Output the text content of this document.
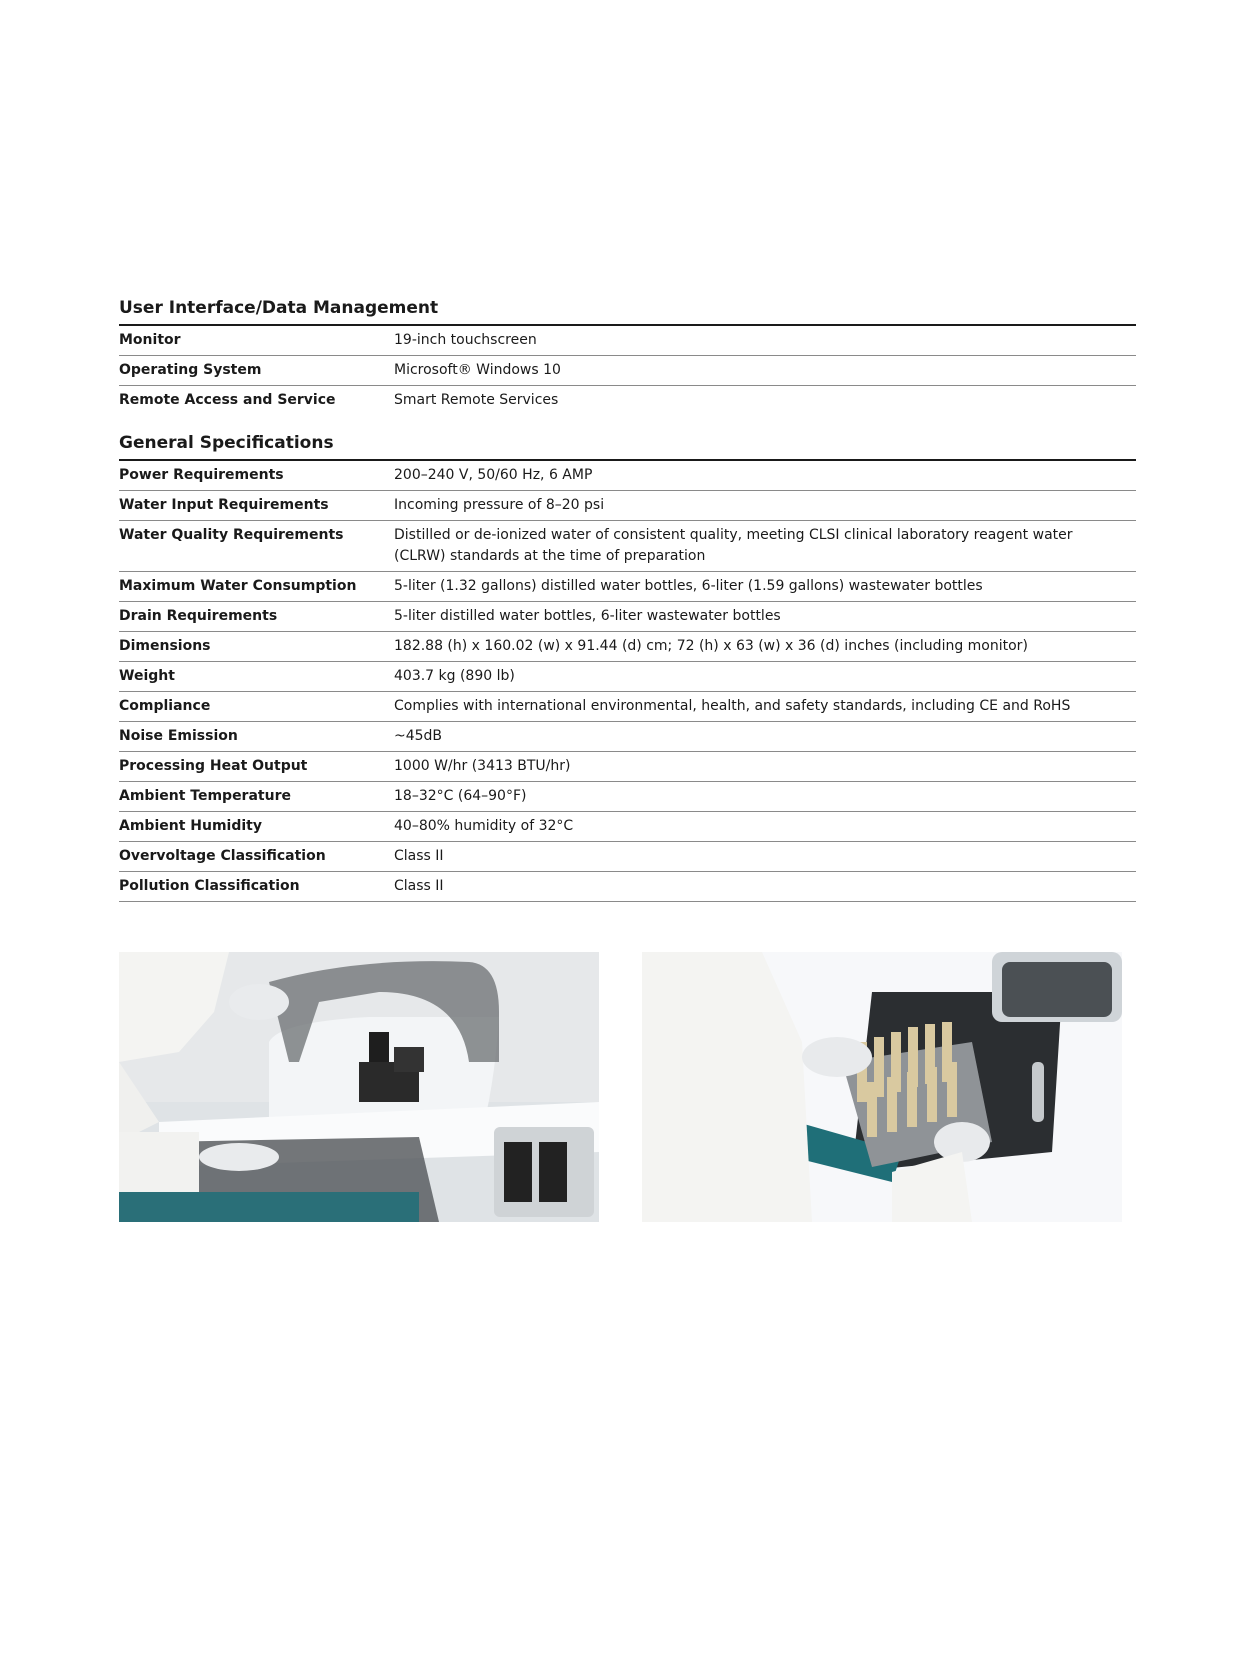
User Interface/Data Management
Monitor	19-inch touchscreen
Operating System	Microsoft® Windows 10
Remote Access and Service	Smart Remote Services
General Specifications
Power Requirements	200–240 V, 50/60 Hz, 6 AMP
Water Input Requirements	Incoming pressure of 8–20 psi
Water Quality Requirements	Distilled or de-ionized water of consistent quality, meeting CLSI clinical laboratory reagent water (CLRW) standards at the time of preparation
Maximum Water Consumption	5-liter (1.32 gallons) distilled water bottles, 6-liter (1.59 gallons) wastewater bottles
Drain Requirements	5-liter distilled water bottles, 6-liter wastewater bottles
Dimensions	182.88 (h) x 160.02 (w) x 91.44 (d) cm; 72 (h) x 63 (w) x 36 (d) inches (including monitor)
Weight	403.7 kg (890 lb)
Compliance	Complies with international environmental, health, and safety standards, including CE and RoHS
Noise Emission	~45dB
Processing Heat Output	1000 W/hr (3413 BTU/hr)
Ambient Temperature	18–32°C (64–90°F)
Ambient Humidity	40–80% humidity of 32°C
Overvoltage Classification	Class II
Pollution Classification	Class II
